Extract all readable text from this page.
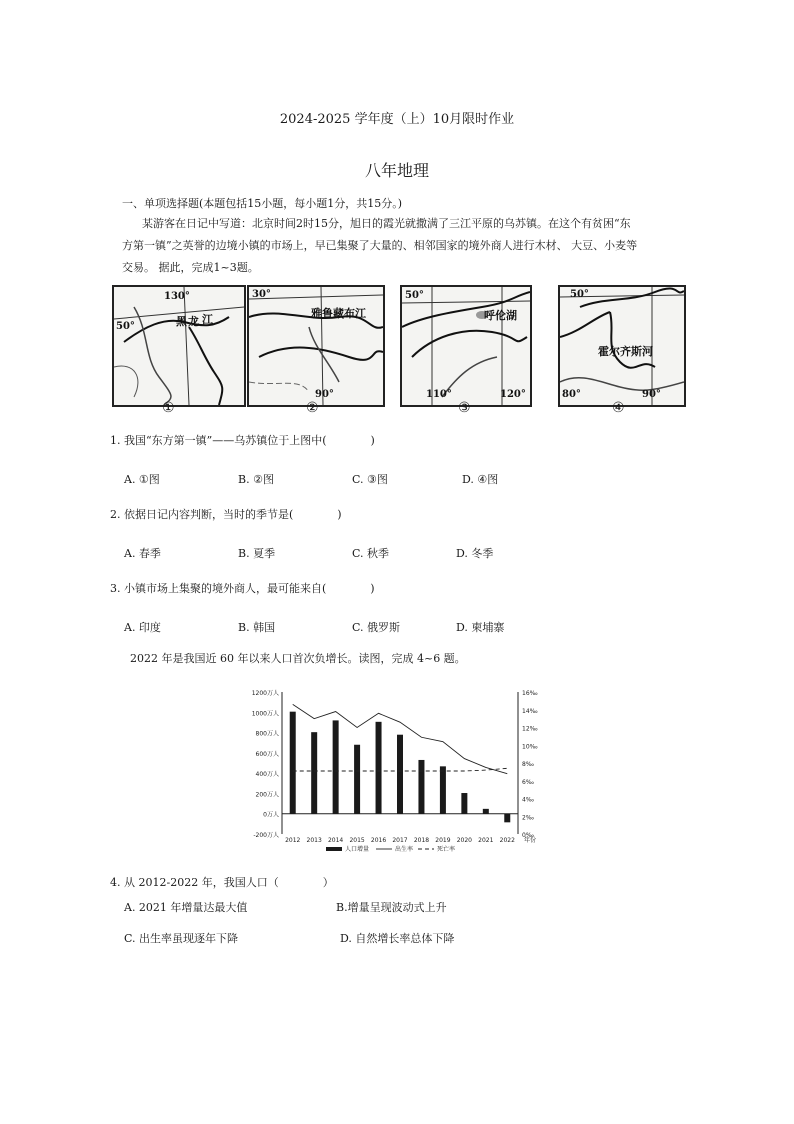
2024-2025 学年度（上）10月限时作业
八年地理
一、单项选择题(本题包括15小题，每小题1分，共15分。)
某游客在日记中写道：北京时间2时15分，旭日的霞光就撒满了三江平原的乌苏镇。在这个有贫困“东
方第一镇”之英誉的边境小镇的市场上，早已集聚了大量的、相邻国家的境外商人进行木材、 大豆、小麦等
交易。 据此，完成1~3题。
130°
50°	黑 龙 江
①
30°
雅鲁藏布江
90°
②
50°
呼伦湖
110°	120°
③
50°
霍尔齐斯河
80°	90°
④
1. 我国“东方第一镇”——乌苏镇位于上图中(　　　　)
A. ①图	B. ②图	C. ③图	D. ④图
2. 依据日记内容判断，当时的季节是(　　　　)
A. 春季	B. 夏季	C. 秋季	D. 冬季
3. 小镇市场上集聚的境外商人，最可能来自(　　　　)
A. 印度	B. 韩国	C. 俄罗斯	D. 柬埔寨
2022 年是我国近 60 年以来人口首次负增长。读图，完成 4~6 题。
1200万人
1000万人
800万人
600万人
400万人
200万人
0万人
-200万人
16‰
14‰
12‰
10‰
8‰
6‰
4‰
2‰
0‰
2012 2013 2014 2015 2016 2017 2018 2019 2020 2021 2022 年份
人口增量	出生率	死亡率
4. 从 2012-2022 年，我国人口（　　　　）
A. 2021 年增量达最大值	B.增量呈现波动式上升
C. 出生率虽现逐年下降	D. 自然增长率总体下降
